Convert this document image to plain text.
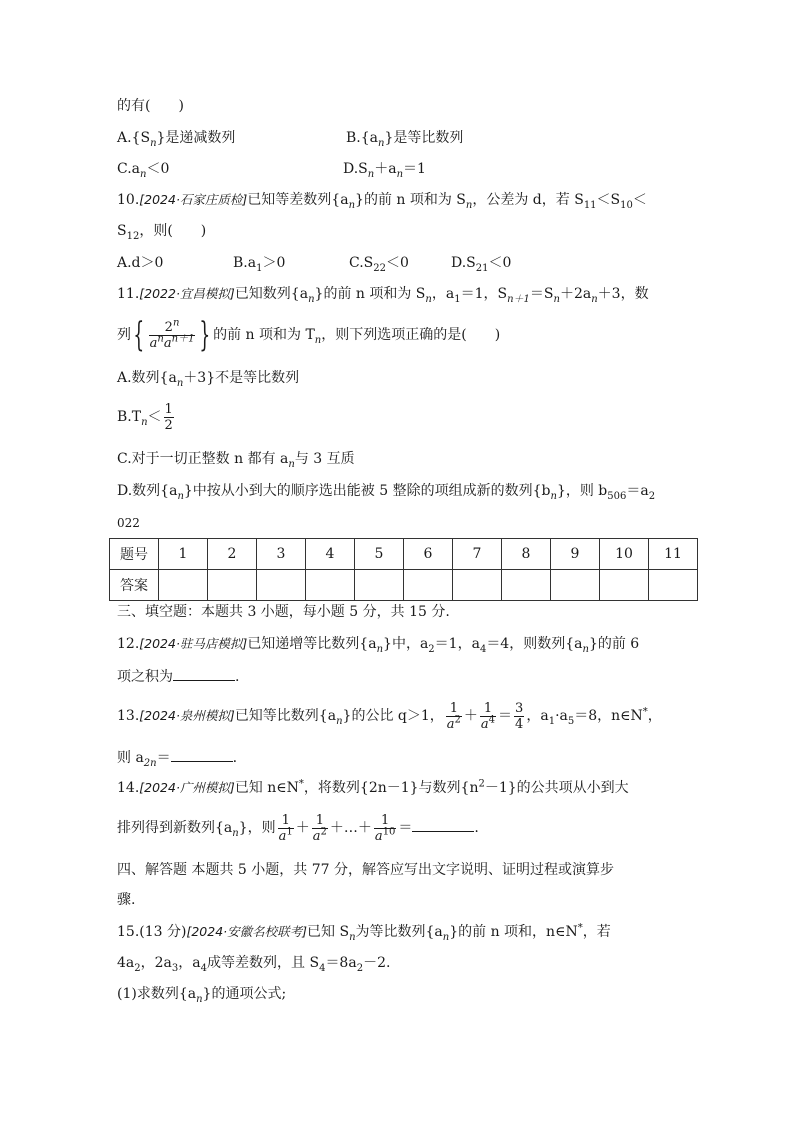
的有(　　)
$A.\{S_n\}$是递减数列	$B.\{a_n\}$是等比数列
$C.a_n<0$	$D.S_n+a_n=1$
10.[2024·石家庄质检]已知等差数列$\{a_n\}$的前 n 项和为 $S_n$，公差为 d，若 $S_{11}<S_{10}<$
$S_{12}$，则(　　)
A.d＞0	$B.a_1>0$	$C.S_{22}<0$	$D.S_{21}<0$
11.[2022·宜昌模拟]已知数列$\{a_n\}$的前 n 项和为 $S_n$，$a_1=1$，$S_{n+1}=S_n+2a_n+3$，数
列{ $\frac{2^n}{a^na^{n+1}}$ } 的前 n 项和为 $T_n$，则下列选项正确的是(　　)
A.数列$\{a_n+3\}$不是等比数列
$B.T_n< \frac{1}{2}$
C.对于一切正整数 n 都有 $a_n$与 3 互质
D.数列$\{a_n\}$中按从小到大的顺序选出能被 5 整除的项组成新的数列$\{b_n\}$，则 $b_{506}=a_2$
022
题号	1	2	3	4	5	6	7	8	9	10	11
答案											
三、填空题：本题共 3 小题，每小题 5 分，共 15 分.
12.[2024·驻马店模拟]已知递增等比数列$\{a_n\}$中，$a_2=1$，$a_4=4$，则数列$\{a_n\}$的前 6
项之积为	.
13.[2024·泉州模拟]已知等比数列$\{a_n\}$的公比 q＞1， $\frac{1}{a^2} + \frac{1}{a^4} = \frac{3}{4}$ ，$a_1\cdot a_5=8$，n∈N*，
则 $a_{2n}=$	.
14.[2024·广州模拟]已知 n∈N*，将数列{2n－1}与数列$\{n^2-1\}$的公共项从小到大
排列得到新数列$\{a_n\}$，则 $\frac{1}{a^1} + \frac{1}{a^2}$ ＋…＋ $\frac{1}{a^{10}}$ ＝	.
四、解答题 本题共 5 小题，共 77 分，解答应写出文字说明、证明过程或演算步
骤.
15.(13 分)[2024·安徽名校联考]已知 $S_n$为等比数列$\{a_n\}$的前 n 项和，n∈N*，若
$4a_2$，$2a_3$，$a_4$成等差数列，且 $S_4=8a_2-2$.
(1)求数列$\{a_n\}$的通项公式;
